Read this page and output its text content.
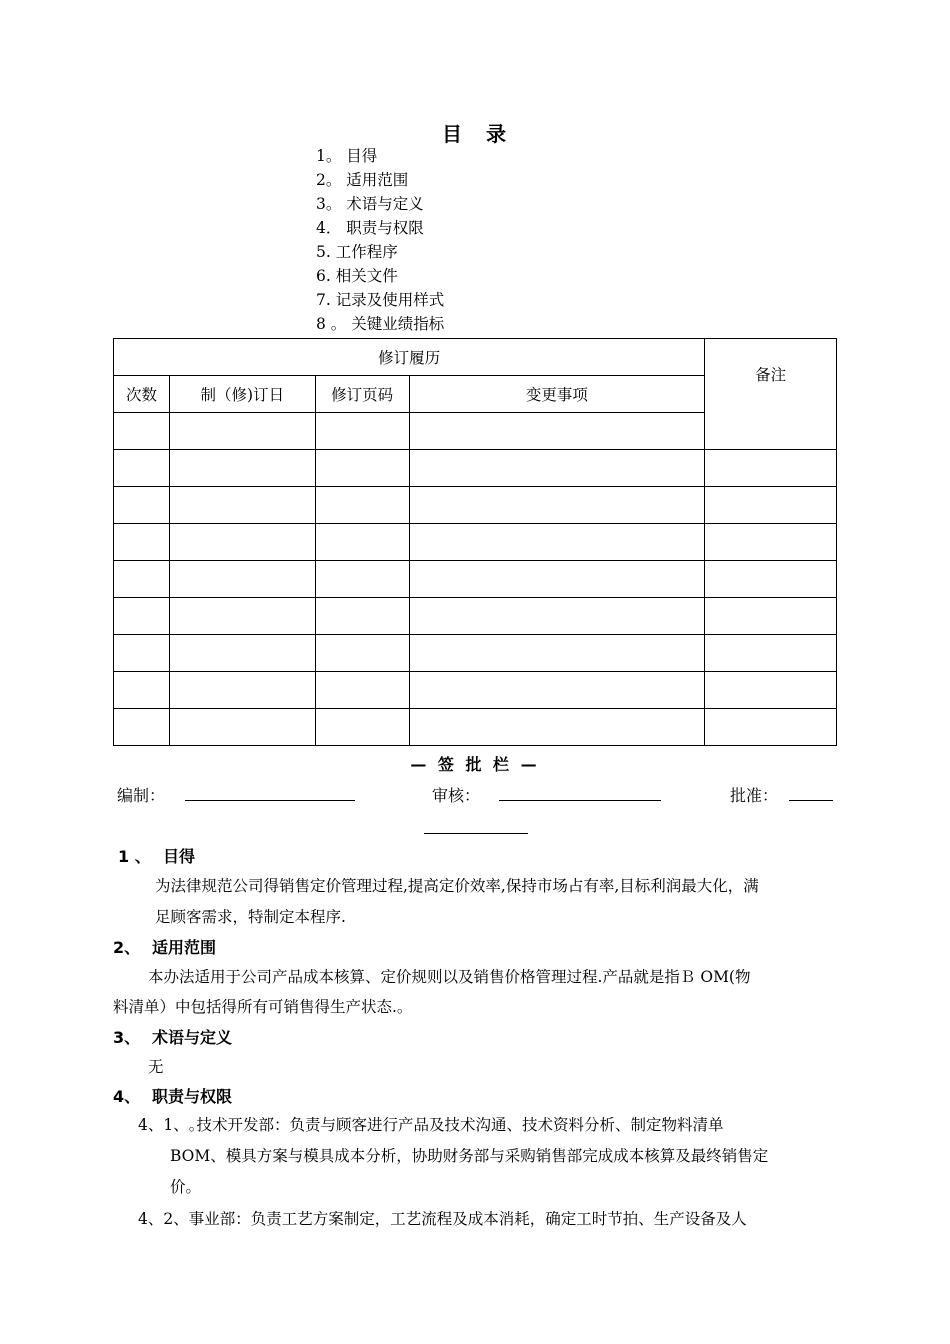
目 录
1。 目得
2。 适用范围
3。 术语与定义
4． 职责与权限
5. 工作程序
6. 相关文件
7. 记录及使用样式
8 。 关键业绩指标
修订履历				备注
次数	制（修)订日	修订页码	变更事项	

— 签 批 栏 —
编制：	审核：	批准：
1 、 目得
为法律规范公司得销售定价管理过程,提高定价效率,保持市场占有率,目标利润最大化，满
足顾客需求，特制定本程序.
2、 适用范围
本办法适用于公司产品成本核算、定价规则以及销售价格管理过程.产品就是指Ｂ OM(物
料清单）中包括得所有可销售得生产状态.。
3、 术语与定义
无
4、 职责与权限
4、1、｡技术开发部：负责与顾客进行产品及技术沟通、技术资料分析、制定物料清单
BOM、模具方案与模具成本分析，协助财务部与采购销售部完成成本核算及最终销售定
价。
4、2、事业部：负责工艺方案制定，工艺流程及成本消耗，确定工时节拍、生产设备及人
